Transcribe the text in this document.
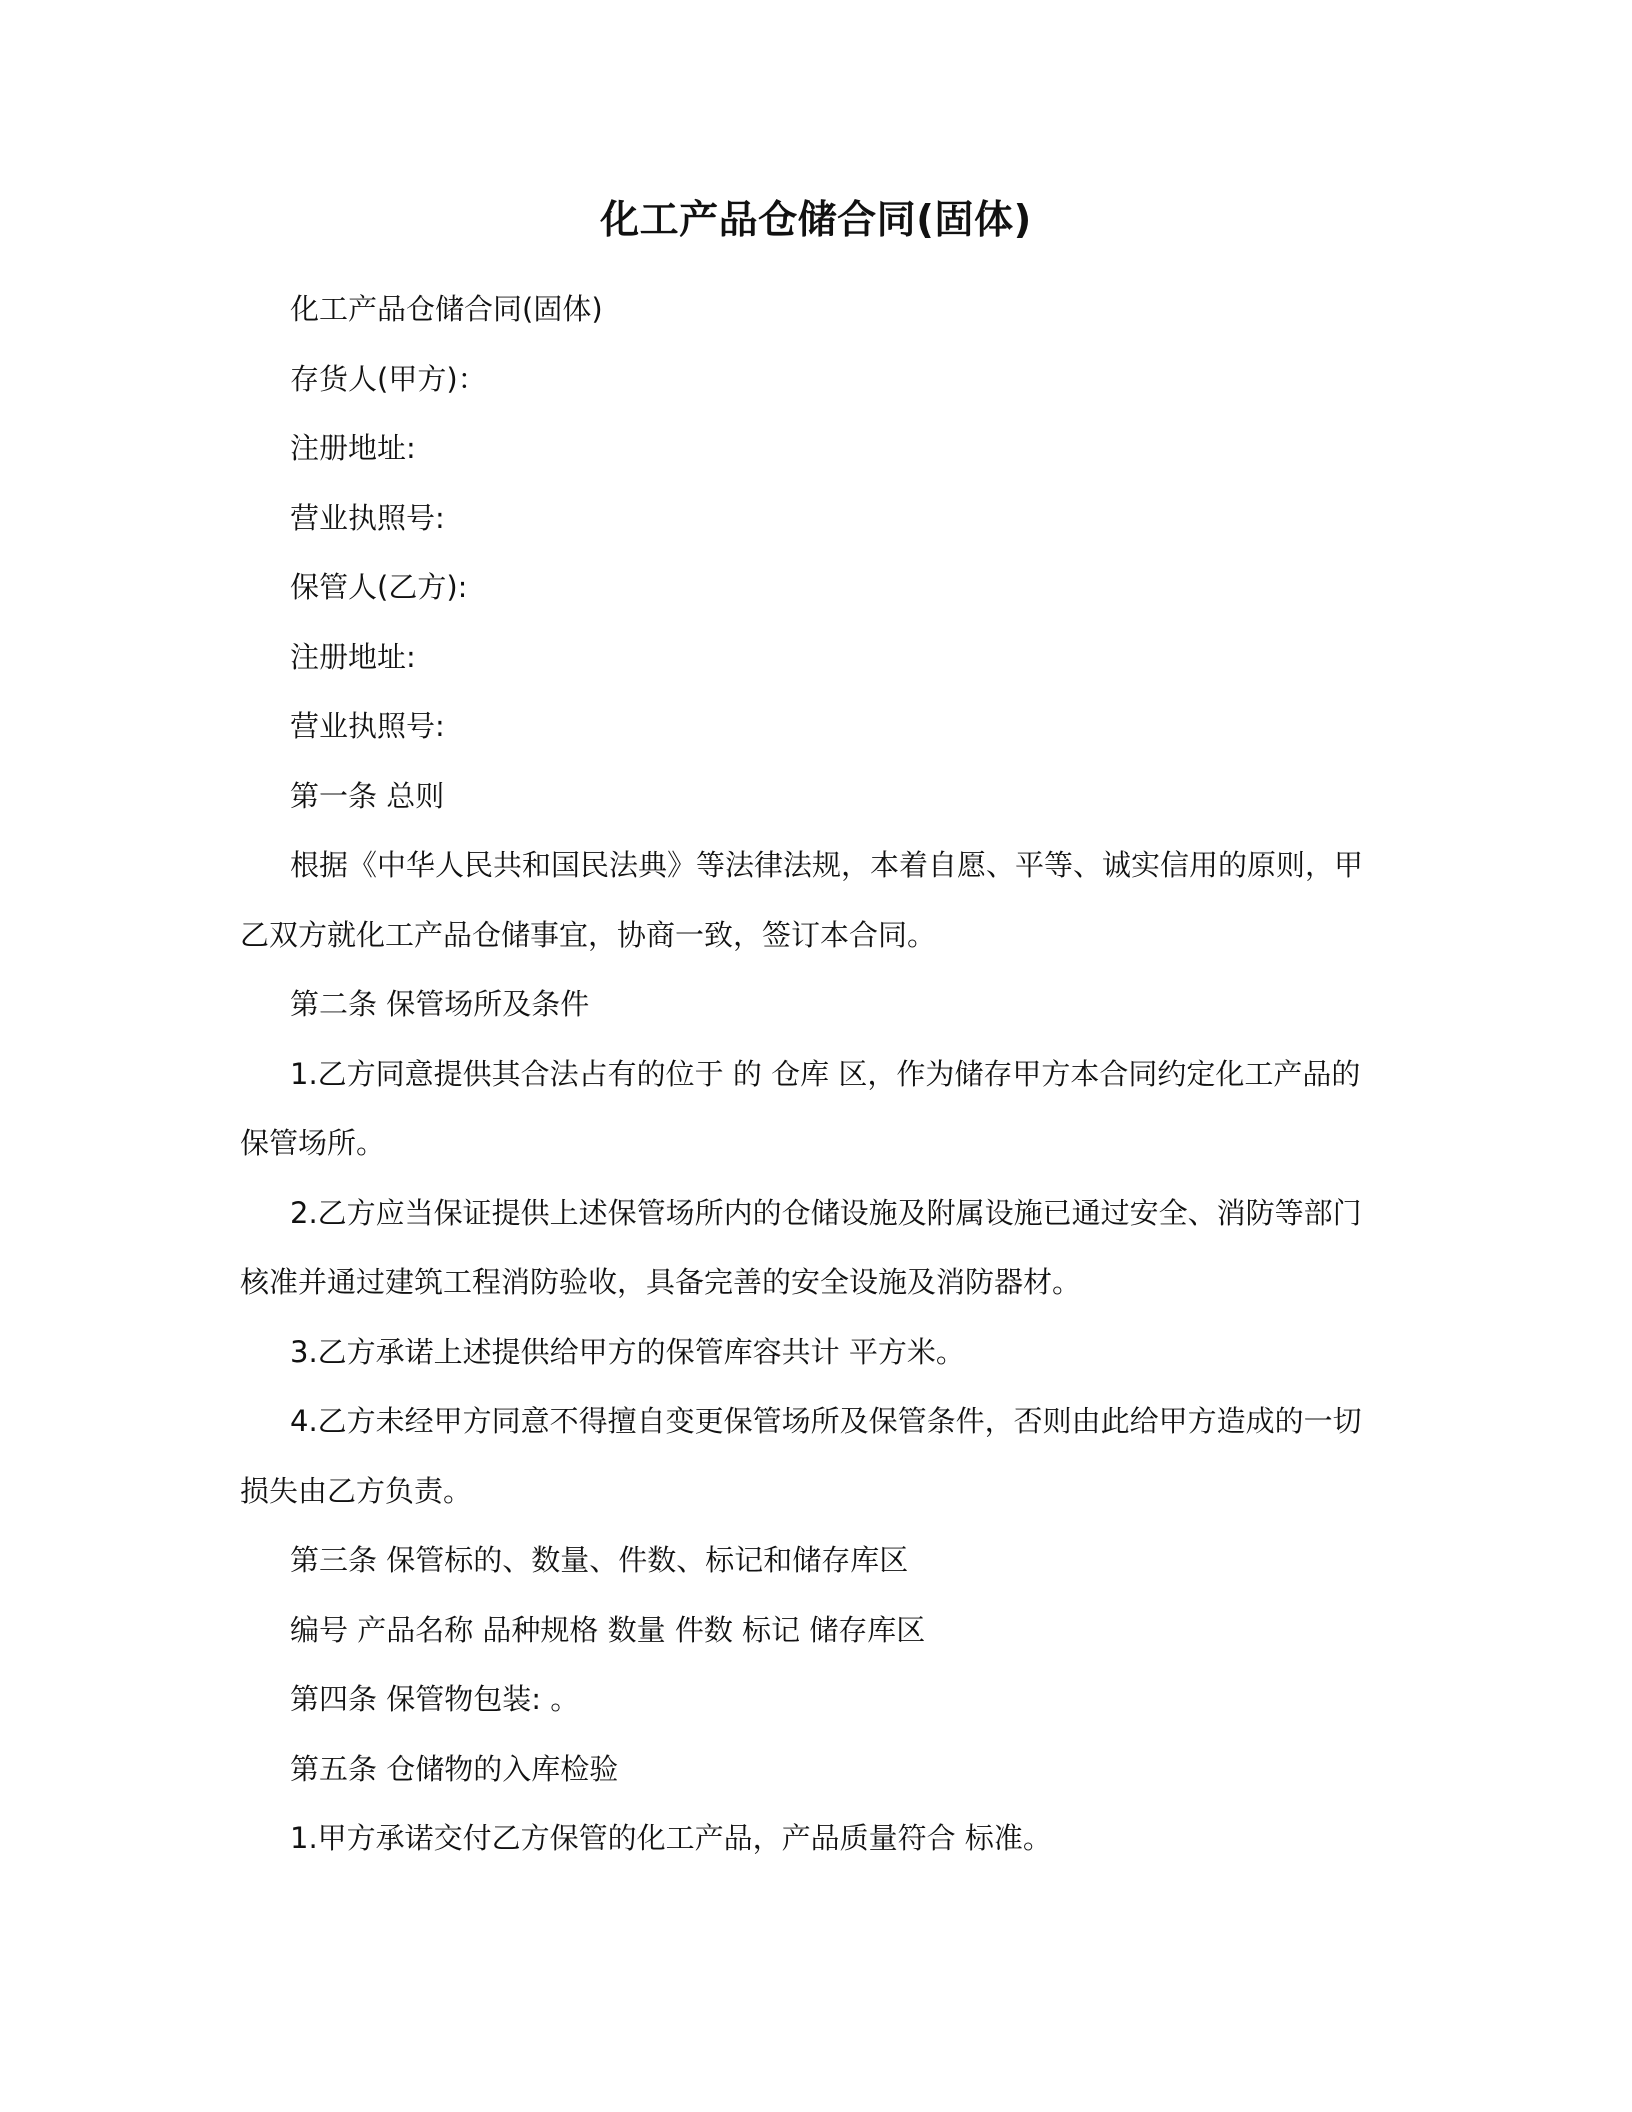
化工产品仓储合同(固体)

化工产品仓储合同(固体)

存货人(甲方)：

注册地址:

营业执照号:

保管人(乙方):

注册地址:

营业执照号:

第一条 总则

根据《中华人民共和国民法典》等法律法规，本着自愿、平等、诚实信用的原则，甲乙双方就化工产品仓储事宜，协商一致，签订本合同。

第二条 保管场所及条件

1.乙方同意提供其合法占有的位于 的 仓库 区，作为储存甲方本合同约定化工产品的保管场所。

2.乙方应当保证提供上述保管场所内的仓储设施及附属设施已通过安全、消防等部门核准并通过建筑工程消防验收，具备完善的安全设施及消防器材。

3.乙方承诺上述提供给甲方的保管库容共计 平方米。

4.乙方未经甲方同意不得擅自变更保管场所及保管条件，否则由此给甲方造成的一切损失由乙方负责。

第三条 保管标的、数量、件数、标记和储存库区

编号 产品名称 品种规格 数量 件数 标记 储存库区

第四条 保管物包装: 。

第五条 仓储物的入库检验

1.甲方承诺交付乙方保管的化工产品，产品质量符合 标准。
